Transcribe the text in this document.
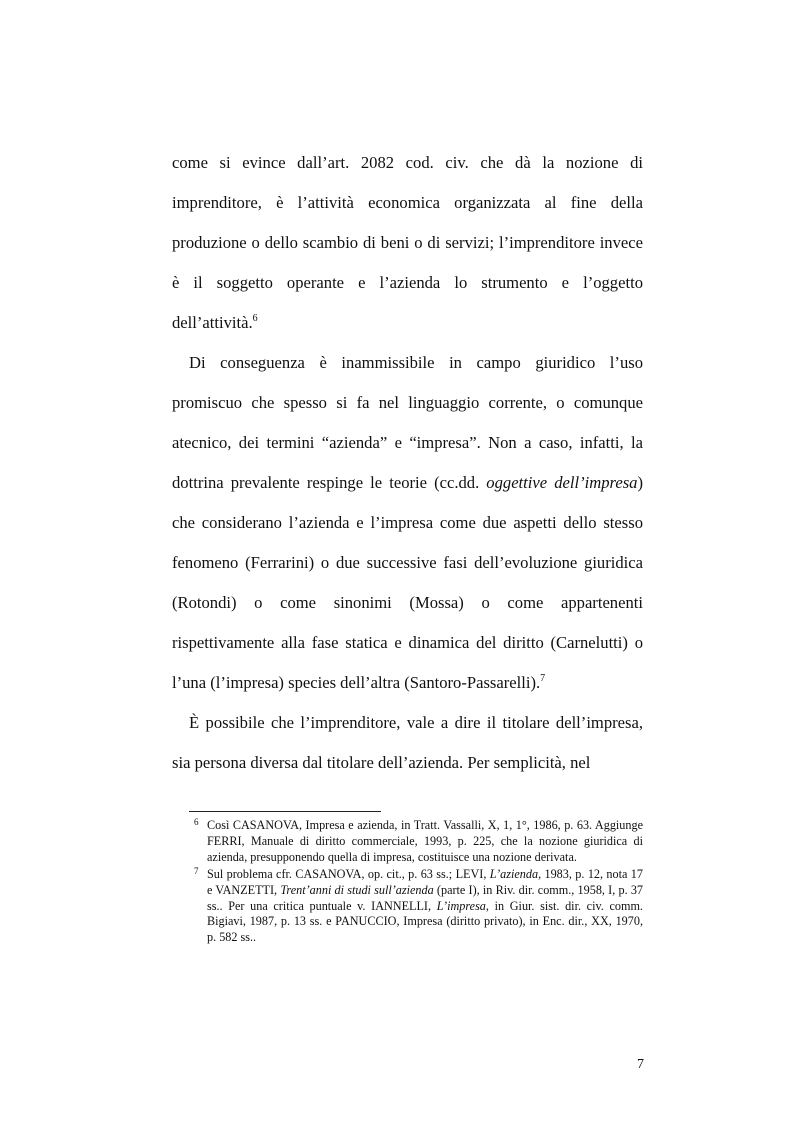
come si evince dall’art. 2082 cod. civ. che dà la nozione di imprenditore, è l’attività economica organizzata al fine della produzione o dello scambio di beni o di servizi; l’imprenditore invece è il soggetto operante e l’azienda lo strumento e l’oggetto dell’attività.$^6$

Di conseguenza è inammissibile in campo giuridico l’uso promiscuo che spesso si fa nel linguaggio corrente, o comunque atecnico, dei termini “azienda” e “impresa”. Non a caso, infatti, la dottrina prevalente respinge le teorie (cc.dd. oggettive dell’impresa) che considerano l’azienda e l’impresa come due aspetti dello stesso fenomeno (Ferrarini) o due successive fasi dell’evoluzione giuridica (Rotondi) o come sinonimi (Mossa) o come appartenenti rispettivamente alla fase statica e dinamica del diritto (Carnelutti) o l’una (l’impresa) species dell’altra (Santoro-Passarelli).$^7$

È possibile che l’imprenditore, vale a dire il titolare dell’impresa, sia persona diversa dal titolare dell’azienda. Per semplicità, nel

6 Così CASANOVA, Impresa e azienda, in Tratt. Vassalli, X, 1, 1°, 1986, p. 63. Aggiunge FERRI, Manuale di diritto commerciale, 1993, p. 225, che la nozione giuridica di azienda, presupponendo quella di impresa, costituisce una nozione derivata.

7 Sul problema cfr. CASANOVA, op. cit., p. 63 ss.; LEVI, L’azienda, 1983, p. 12, nota 17 e VANZETTI, Trent’anni di studi sull’azienda (parte I), in Riv. dir. comm., 1958, I, p. 37 ss.. Per una critica puntuale v. IANNELLI, L’impresa, in Giur. sist. dir. civ. comm. Bigiavi, 1987, p. 13 ss. e PANUCCIO, Impresa (diritto privato), in Enc. dir., XX, 1970, p. 582 ss..

7
